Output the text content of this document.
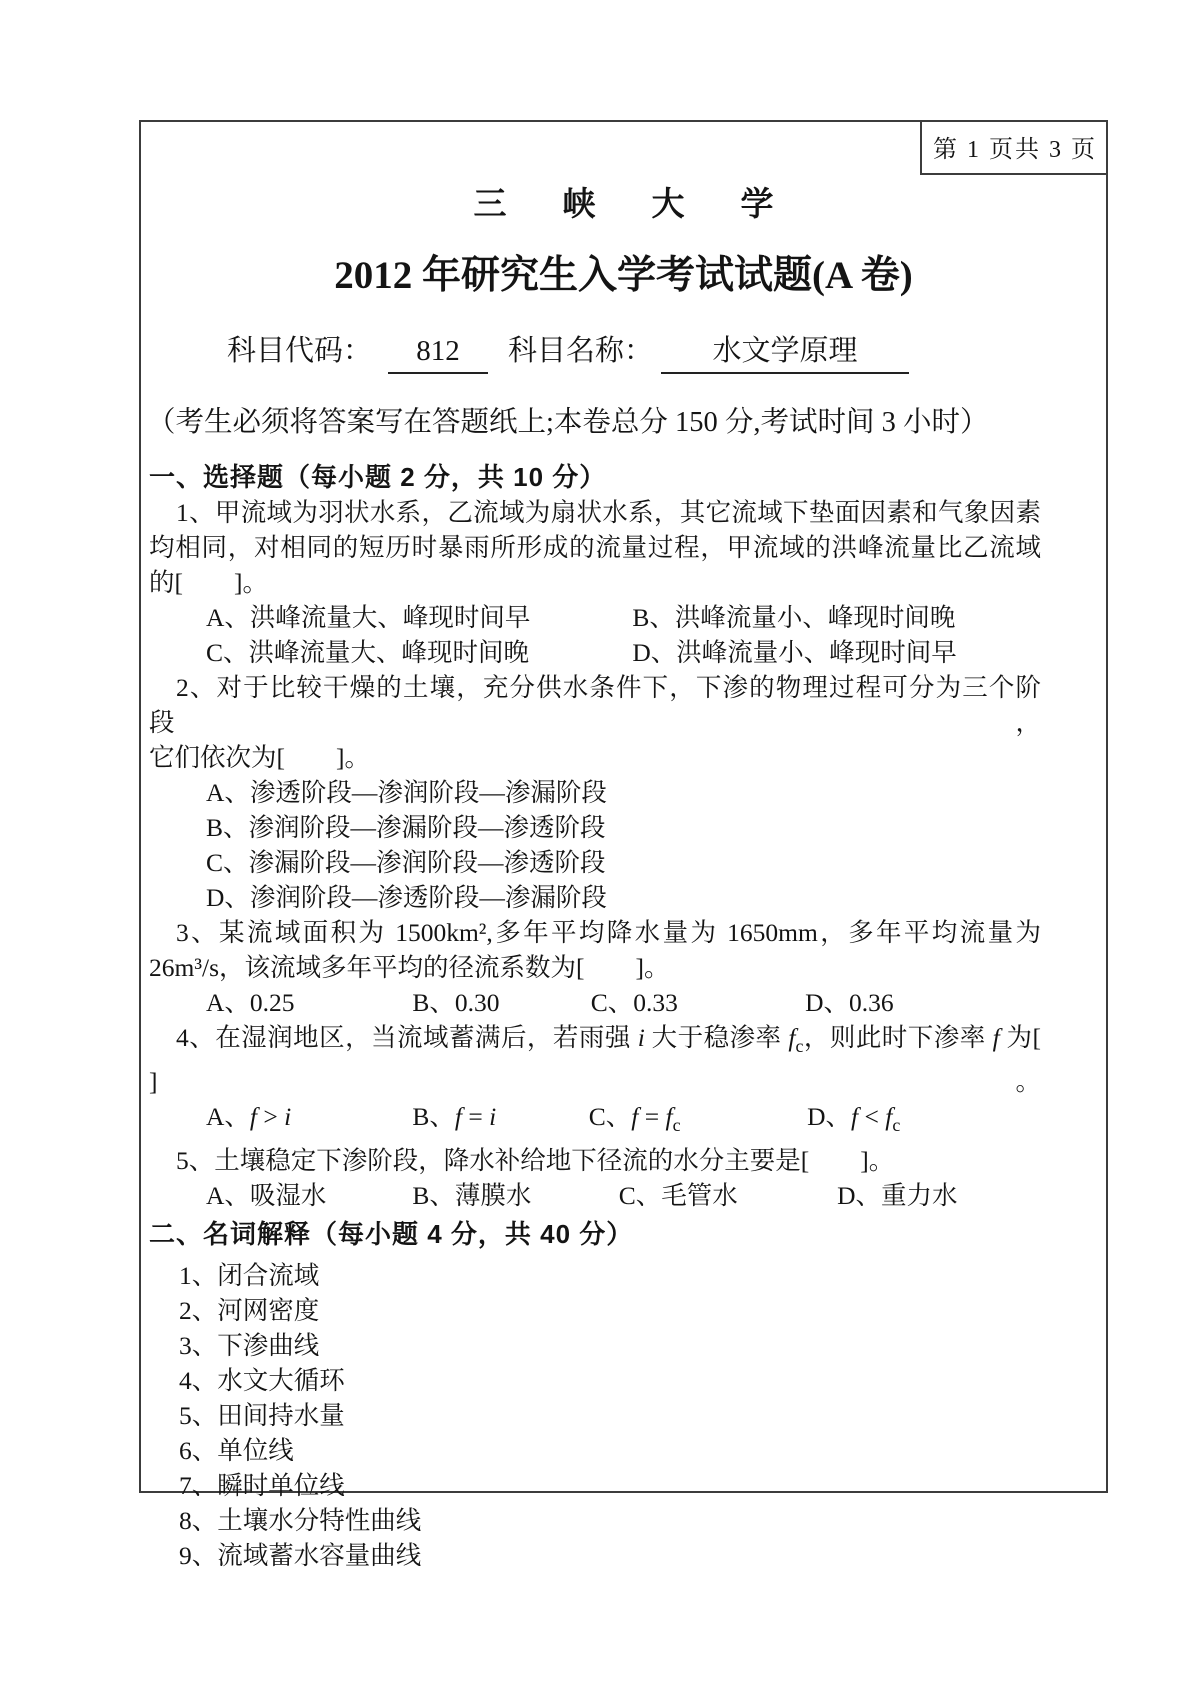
第 1 页共 3 页
三峡大学
2012 年研究生入学考试试题(A 卷)
科目代码：	812	科目名称：	水文学原理
（考生必须将答案写在答题纸上;本卷总分 150 分,考试时间 3 小时）
一、选择题（每小题 2 分，共 10 分）
1、甲流域为羽状水系，乙流域为扇状水系，其它流域下垫面因素和气象因素
均相同，对相同的短历时暴雨所形成的流量过程，甲流域的洪峰流量比乙流域
的[　　]。
A、洪峰流量大、峰现时间早	B、洪峰流量小、峰现时间晚
C、洪峰流量大、峰现时间晚	D、洪峰流量小、峰现时间早
2、对于比较干燥的土壤，充分供水条件下，下渗的物理过程可分为三个阶段，
它们依次为[　　]。
A、渗透阶段—渗润阶段—渗漏阶段
B、渗润阶段—渗漏阶段—渗透阶段
C、渗漏阶段—渗润阶段—渗透阶段
D、渗润阶段—渗透阶段—渗漏阶段
3、某流域面积为 1500km²,多年平均降水量为 1650mm，多年平均流量为
26m³/s，该流域多年平均的径流系数为[　　]。
A、0.25	B、0.30	C、0.33	D、0.36
4、在湿润地区，当流域蓄满后，若雨强 i 大于稳渗率 $f_c$，则此时下渗率 f 为[ ]。
A、f > i	B、f = i	C、$f = f_c$	D、$f < f_c$
5、土壤稳定下渗阶段，降水补给地下径流的水分主要是[　　]。
A、吸湿水	B、薄膜水	C、毛管水	D、重力水
二、名词解释（每小题 4 分，共 40 分）
1、闭合流域
2、河网密度
3、下渗曲线
4、水文大循环
5、田间持水量
6、单位线
7、瞬时单位线
8、土壤水分特性曲线
9、流域蓄水容量曲线
